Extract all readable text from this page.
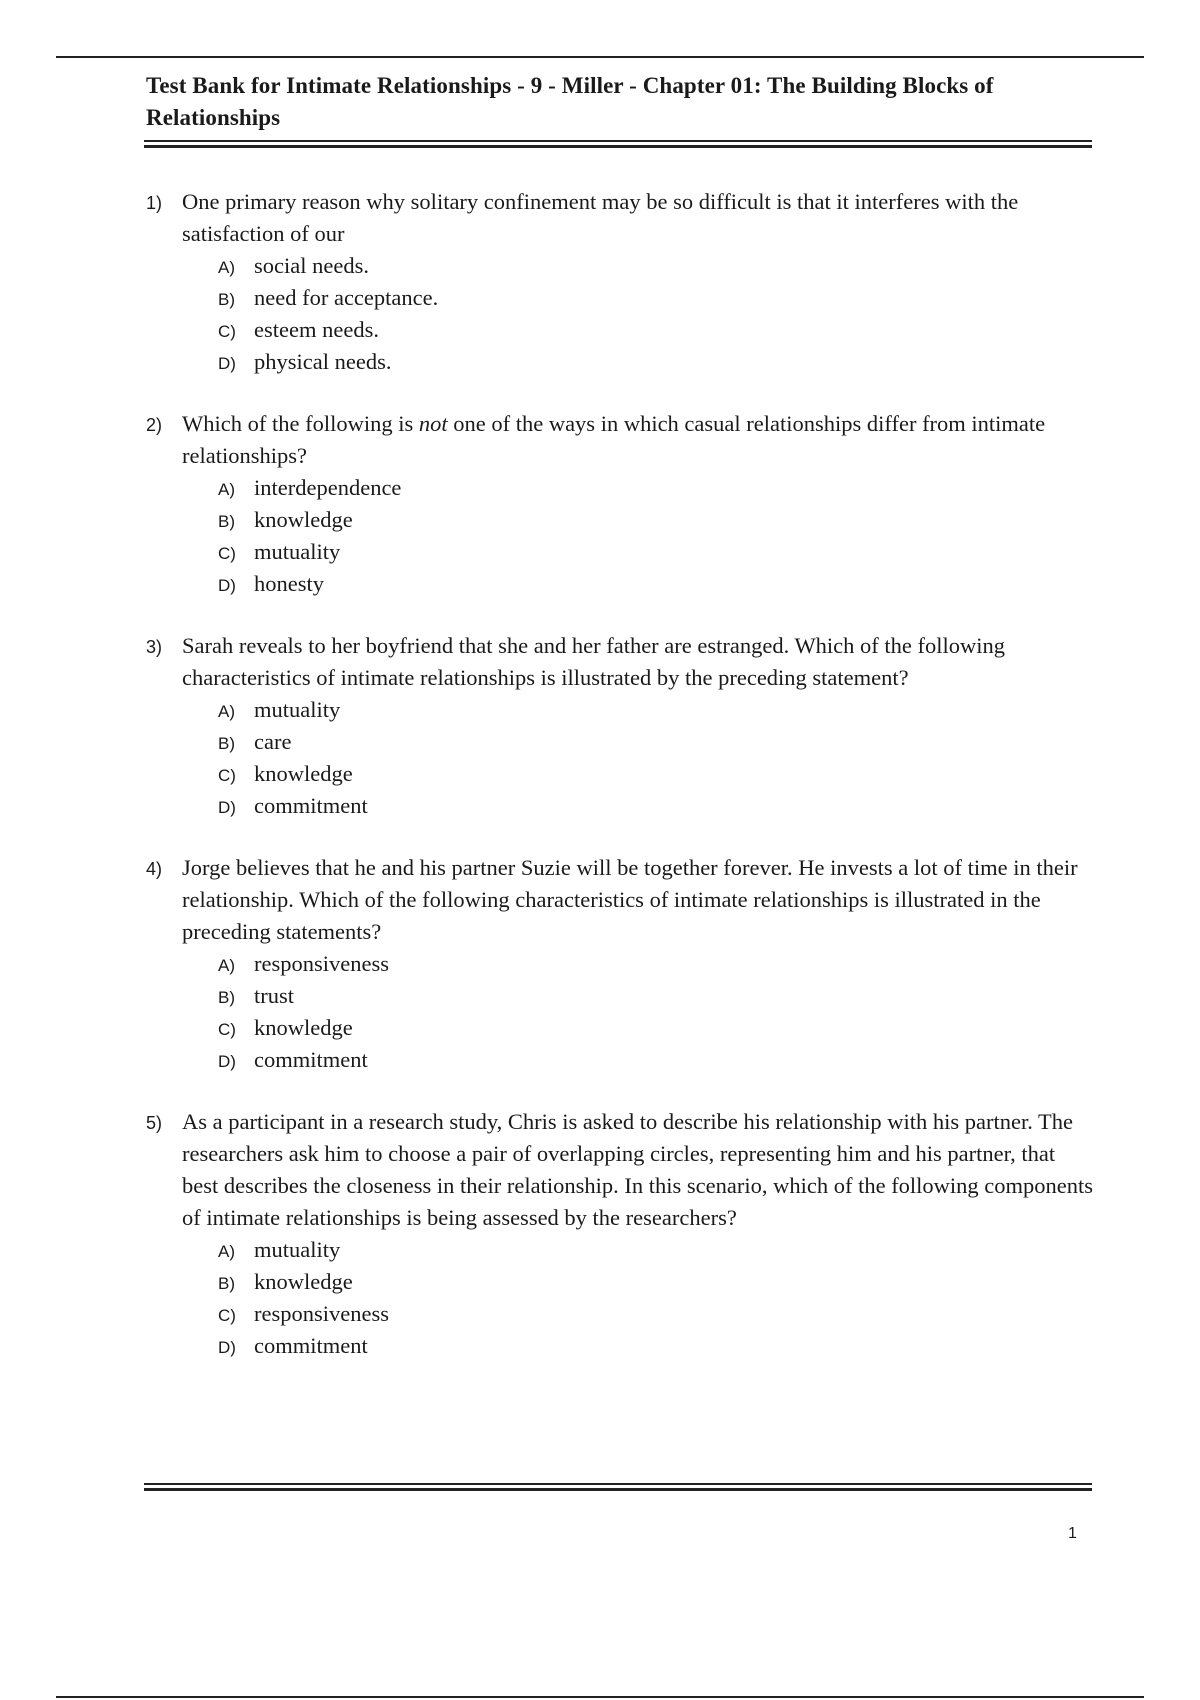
Test Bank for Intimate Relationships - 9 - Miller - Chapter 01: The Building Blocks of Relationships
1) One primary reason why solitary confinement may be so difficult is that it interferes with the satisfaction of our
A) social needs.
B) need for acceptance.
C) esteem needs.
D) physical needs.
2) Which of the following is not one of the ways in which casual relationships differ from intimate relationships?
A) interdependence
B) knowledge
C) mutuality
D) honesty
3) Sarah reveals to her boyfriend that she and her father are estranged. Which of the following characteristics of intimate relationships is illustrated by the preceding statement?
A) mutuality
B) care
C) knowledge
D) commitment
4) Jorge believes that he and his partner Suzie will be together forever. He invests a lot of time in their relationship. Which of the following characteristics of intimate relationships is illustrated in the preceding statements?
A) responsiveness
B) trust
C) knowledge
D) commitment
5) As a participant in a research study, Chris is asked to describe his relationship with his partner. The researchers ask him to choose a pair of overlapping circles, representing him and his partner, that best describes the closeness in their relationship. In this scenario, which of the following components of intimate relationships is being assessed by the researchers?
A) mutuality
B) knowledge
C) responsiveness
D) commitment
1
